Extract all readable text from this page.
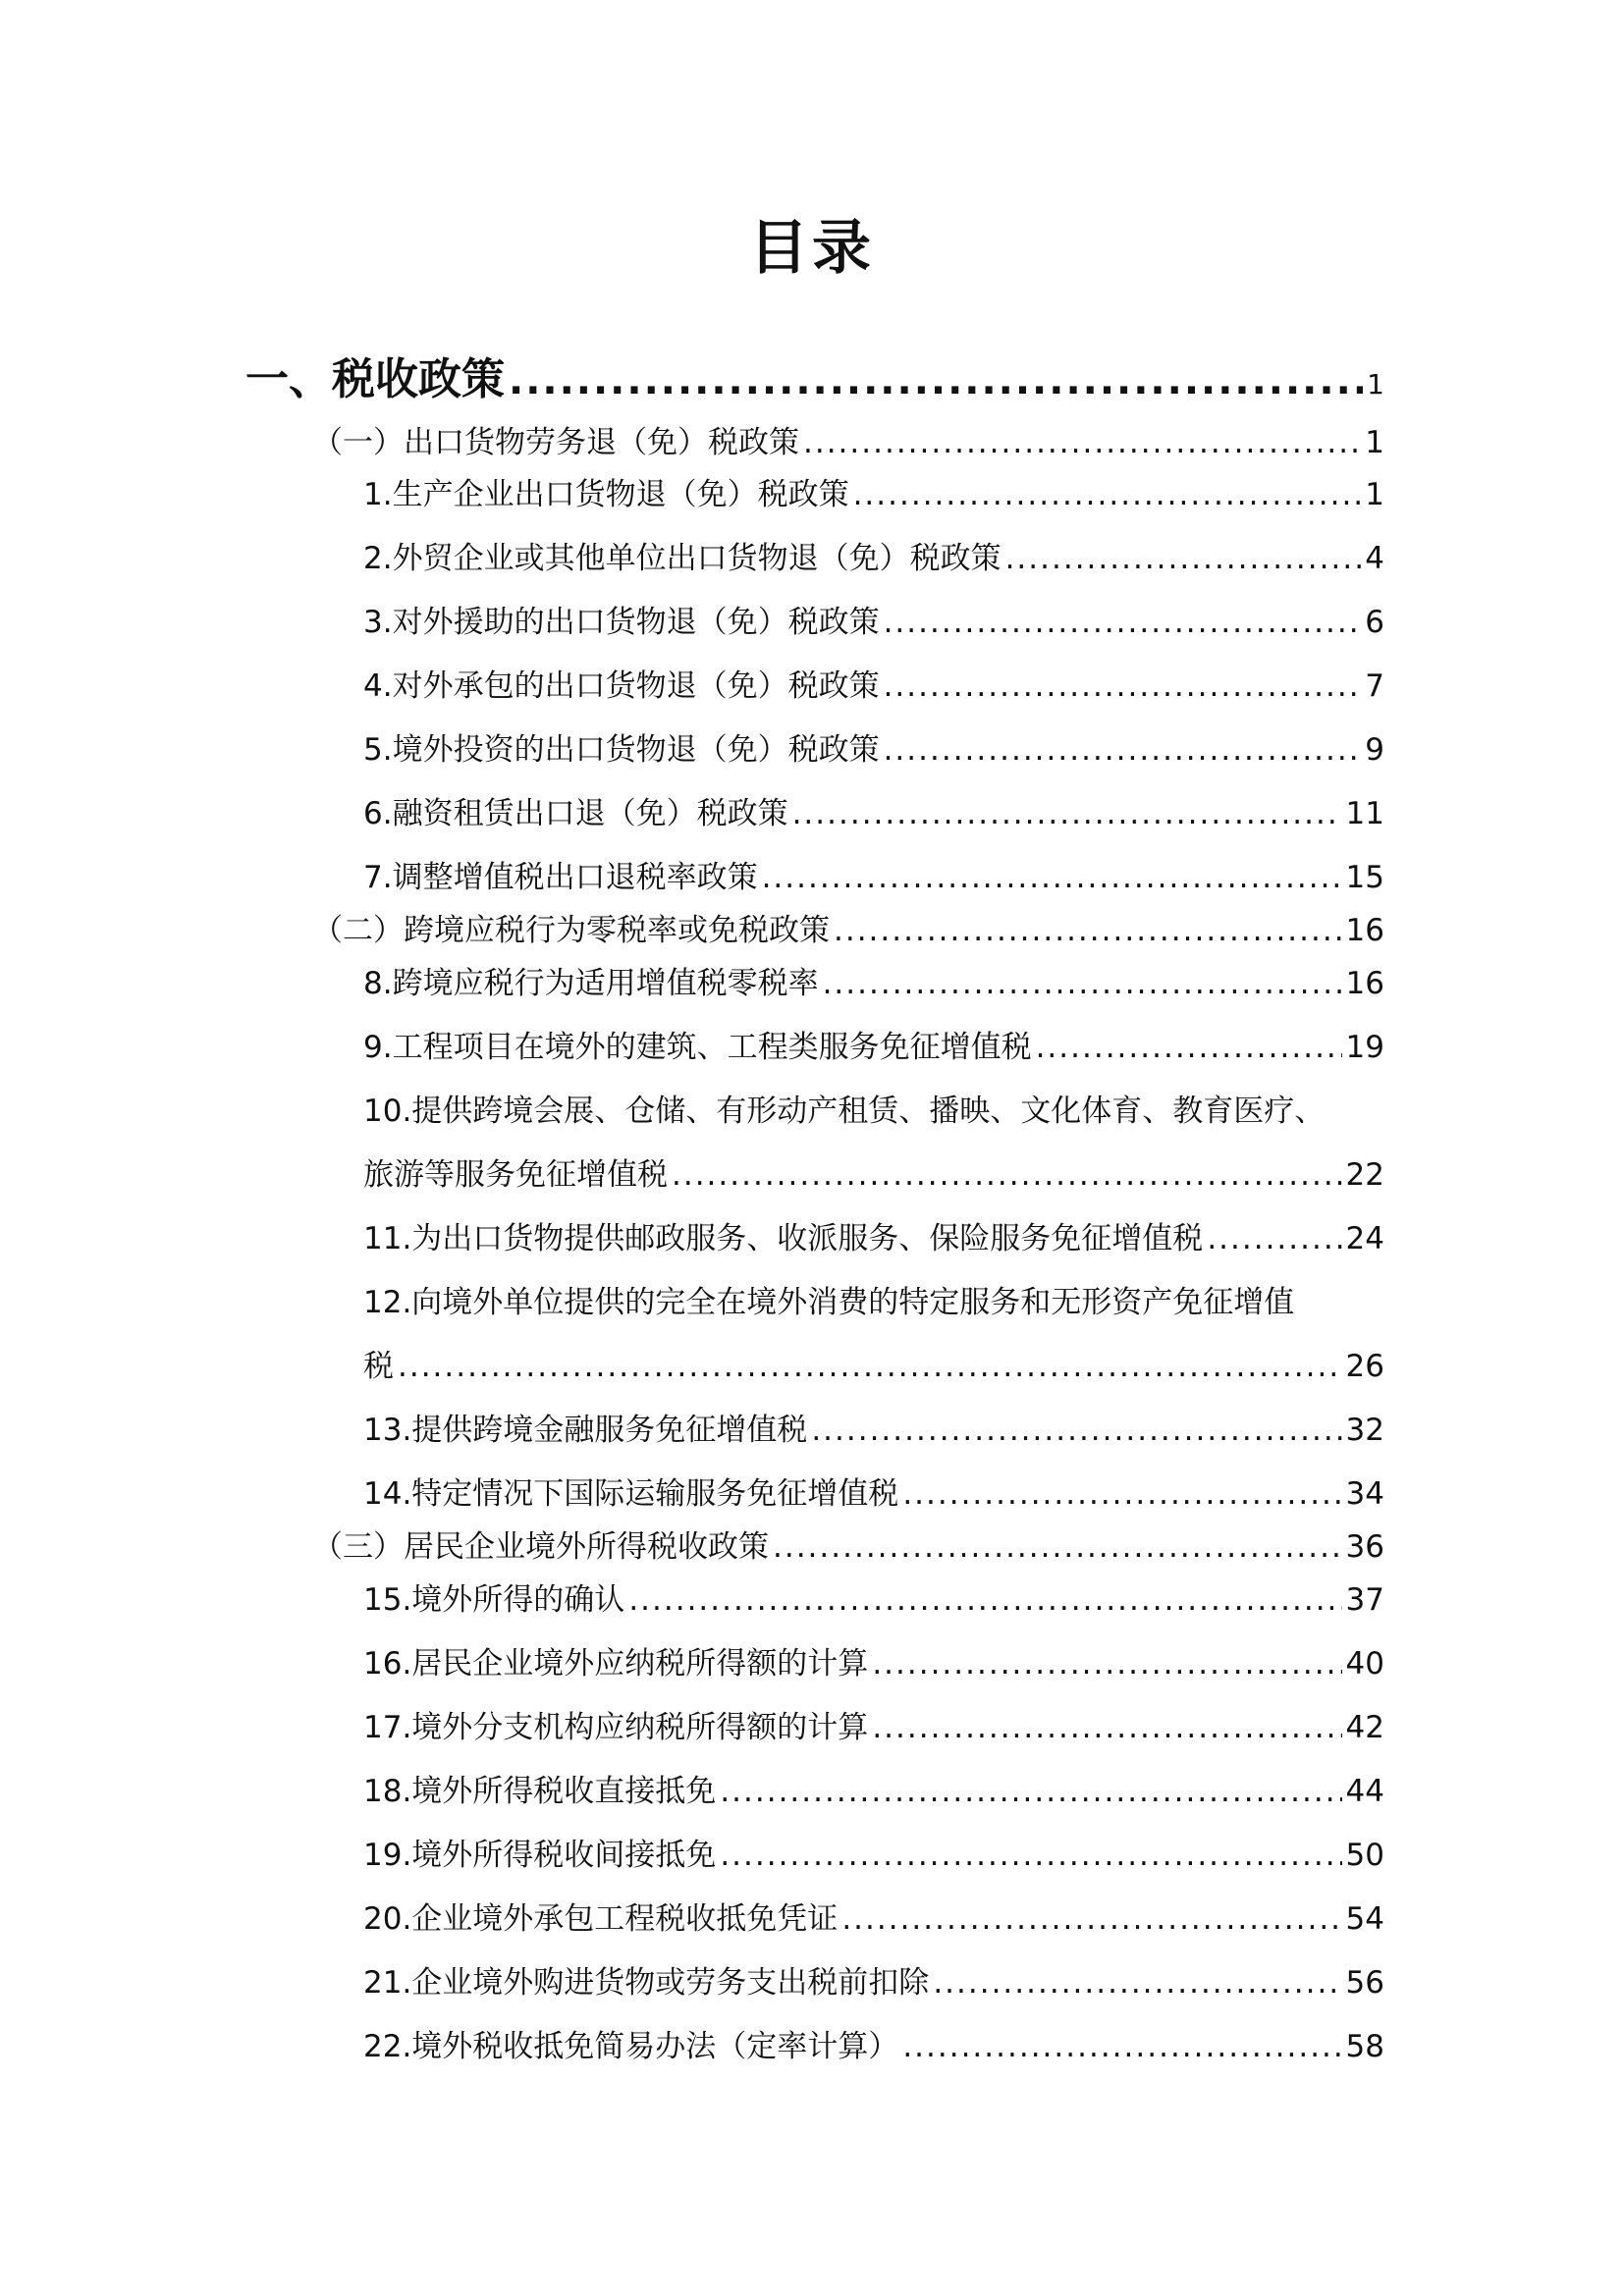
目录
一、税收政策 .....	1
（一）出口货物劳务退（免）税政策 .....	1
1.生产企业出口货物退（免）税政策 .....	1
2.外贸企业或其他单位出口货物退（免）税政策 .....	4
3.对外援助的出口货物退（免）税政策 .....	6
4.对外承包的出口货物退（免）税政策 .....	7
5.境外投资的出口货物退（免）税政策 .....	9
6.融资租赁出口退（免）税政策 .....	11
7.调整增值税出口退税率政策 .....	15
（二）跨境应税行为零税率或免税政策 .....	16
8.跨境应税行为适用增值税零税率 .....	16
9.工程项目在境外的建筑、工程类服务免征增值税 .....	19
10.提供跨境会展、仓储、有形动产租赁、播映、文化体育、教育医疗、
旅游等服务免征增值税 .....	22
11.为出口货物提供邮政服务、收派服务、保险服务免征增值税 .....	24
12.向境外单位提供的完全在境外消费的特定服务和无形资产免征增值
税 .....	26
13.提供跨境金融服务免征增值税 .....	32
14.特定情况下国际运输服务免征增值税 .....	34
（三）居民企业境外所得税收政策 .....	36
15.境外所得的确认 .....	37
16.居民企业境外应纳税所得额的计算 .....	40
17.境外分支机构应纳税所得额的计算 .....	42
18.境外所得税收直接抵免 .....	44
19.境外所得税收间接抵免 .....	50
20.企业境外承包工程税收抵免凭证 .....	54
21.企业境外购进货物或劳务支出税前扣除 .....	56
22.境外税收抵免简易办法（定率计算） .....	58
